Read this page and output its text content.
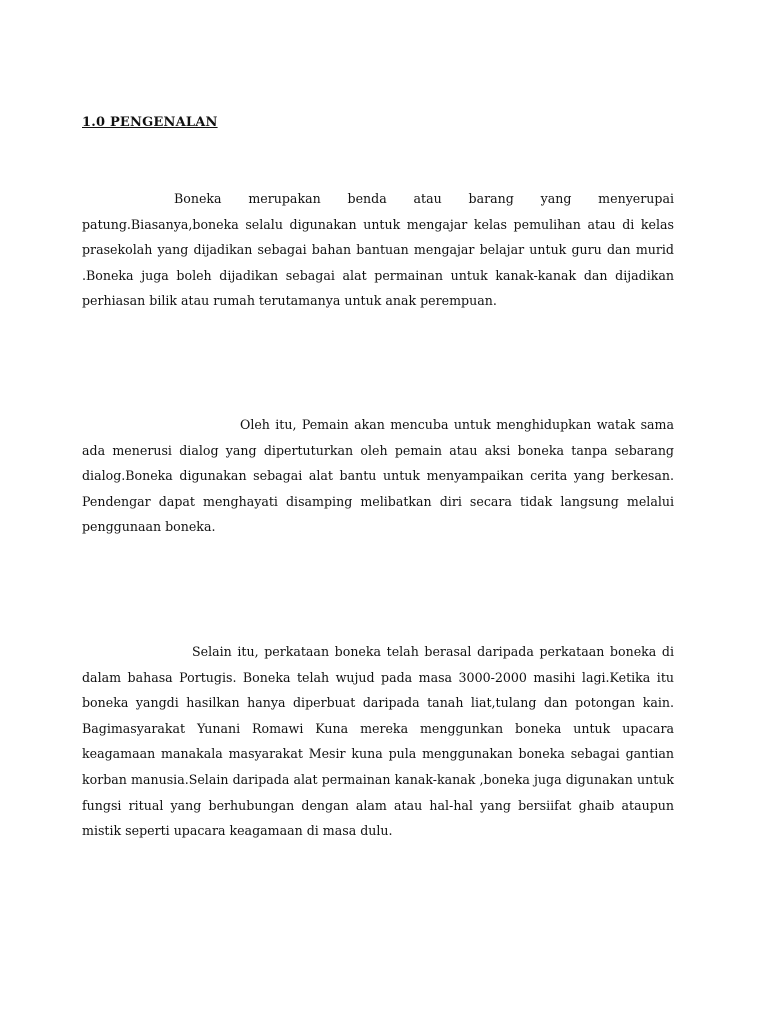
1.0 PENGENALAN

Boneka merupakan benda atau barang yang menyerupai patung.Biasanya,boneka selalu digunakan untuk mengajar kelas pemulihan atau di kelas prasekolah yang dijadikan sebagai bahan bantuan mengajar belajar untuk guru dan murid .Boneka juga boleh dijadikan sebagai alat permainan untuk kanak-kanak dan dijadikan perhiasan bilik atau rumah terutamanya untuk anak perempuan.

Oleh itu, Pemain akan mencuba untuk menghidupkan watak sama ada menerusi dialog yang dipertuturkan oleh pemain atau aksi boneka tanpa sebarang dialog.Boneka digunakan sebagai alat bantu untuk menyampaikan cerita yang berkesan. Pendengar dapat menghayati disamping melibatkan diri secara tidak langsung melalui penggunaan boneka.

Selain itu, perkataan boneka telah berasal daripada perkataan boneka di dalam bahasa Portugis. Boneka telah wujud pada masa 3000-2000 masihi lagi.Ketika itu boneka yangdi hasilkan hanya diperbuat daripada tanah liat,tulang dan potongan kain. Bagimasyarakat Yunani Romawi Kuna mereka menggunkan boneka untuk upacara keagamaan manakala masyarakat Mesir kuna pula menggunakan boneka sebagai gantian korban manusia.Selain daripada alat permainan kanak-kanak ,boneka juga digunakan untuk fungsi ritual yang berhubungan dengan alam atau hal-hal yang bersiifat ghaib ataupun mistik seperti upacara keagamaan di masa dulu.
